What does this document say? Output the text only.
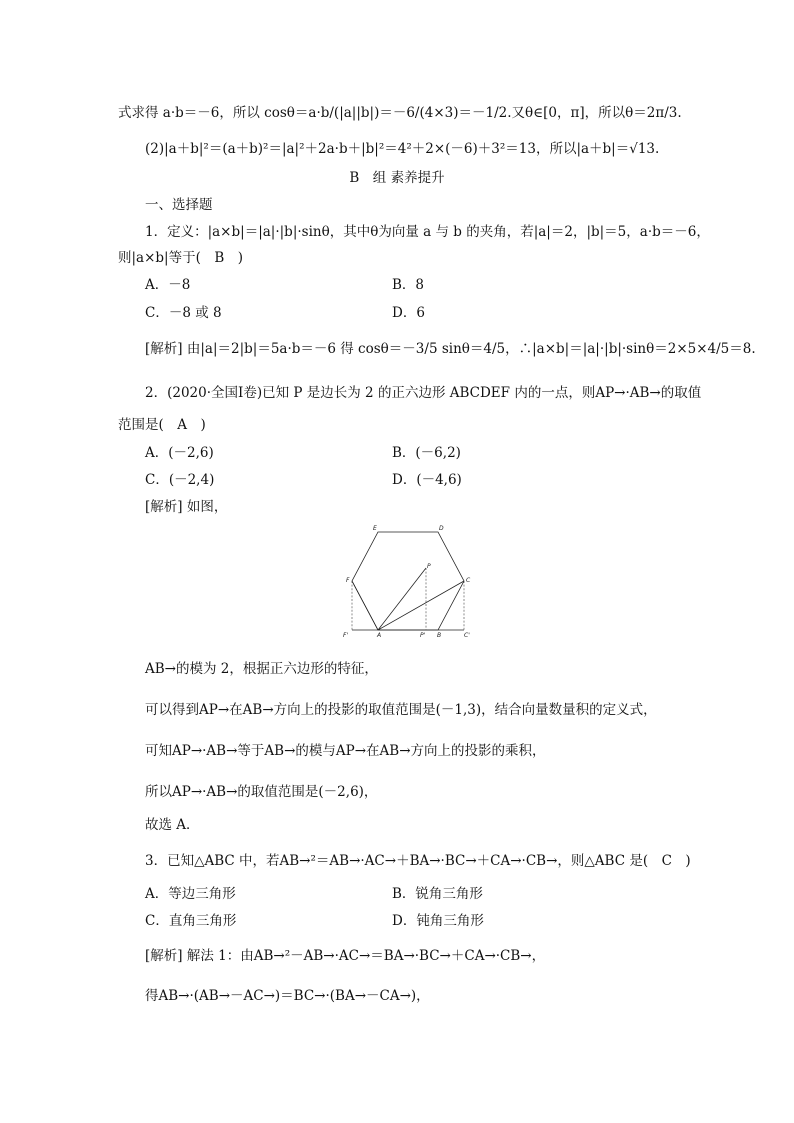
式求得 a·b＝－6，所以 cosθ＝a·b/(|a||b|)＝－6/(4×3)＝－1/2.又θ∈[0，π]，所以θ＝2π/3.
(2)|a＋b|²＝(a＋b)²＝|a|²＋2a·b＋|b|²＝4²＋2×(－6)＋3²＝13，所以|a＋b|＝√13.
B　组 素养提升
一、选择题
1．定义：|a×b|＝|a|·|b|·sinθ，其中θ为向量 a 与 b 的夹角，若|a|＝2，|b|＝5，a·b＝－6，
则|a×b|等于(　B　)
A．－8	B．8
C．－8 或 8	D．6
[解析] 由|a|＝2|b|＝5a·b＝－6 得 cosθ＝－3/5 sinθ＝4/5，∴|a×b|＝|a|·|b|·sinθ＝2×5×4/5＝8.
2．(2020·全国Ⅰ卷)已知 P 是边长为 2 的正六边形 ABCDEF 内的一点，则AP→·AB→的取值
范围是(　A　)
A．(－2,6)	B．(－6,2)
C．(－2,4)	D．(－4,6)
[解析] 如图，
E	D
F	C
P
F'	A	P' B	C'
AB→的模为 2，根据正六边形的特征，
可以得到AP→在AB→方向上的投影的取值范围是(－1,3)，结合向量数量积的定义式，
可知AP→·AB→等于AB→的模与AP→在AB→方向上的投影的乘积，
所以AP→·AB→的取值范围是(－2,6)，
故选 A．
3．已知△ABC 中，若AB→²＝AB→·AC→＋BA→·BC→＋CA→·CB→，则△ABC 是(　C　)
A．等边三角形	B．锐角三角形
C．直角三角形	D．钝角三角形
[解析] 解法 1：由AB→²－AB→·AC→＝BA→·BC→＋CA→·CB→，
得AB→·(AB→－AC→)＝BC→·(BA→－CA→)，
